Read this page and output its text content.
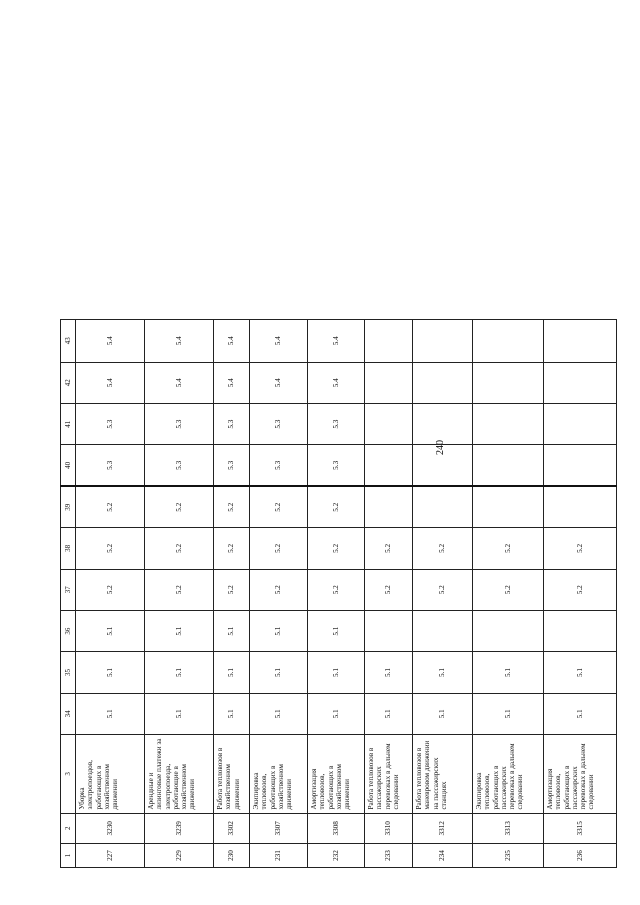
240
1	2	3	34	35	36	37	38	39	40	41	42	43
227	3230	Уборка электропоездов, работающих в хозяйственном движении	5.1	5.1	5.1	5.2	5.2	5.2	5.3	5.3	5.4	5.4
229	3239	Арендные и лизинговые платежи за электропоезда, работающие в хозяйственном движении	5.1	5.1	5.1	5.2	5.2	5.2	5.3	5.3	5.4	5.4
230	3302	Работа тепловозов в хозяйственном движении	5.1	5.1	5.1	5.2	5.2	5.2	5.3	5.3	5.4	5.4
231	3307	Экипировка тепловозов, работающих в хозяйственном движении	5.1	5.1	5.1	5.2	5.2	5.2	5.3	5.3	5.4	5.4
232	3308	Амортизация тепловозов, работающих в хозяйственном движении	5.1	5.1	5.1	5.2	5.2	5.2	5.3	5.3	5.4	5.4
233	3310	Работа тепловозов в пассажирских перевозках в дальнем следовании	5.1	5.1		5.2	5.2					
234	3312	Работа тепловозов в маневровом движении на пассажирских станциях	5.1	5.1		5.2	5.2					
235	3313	Экипировка тепловозов, работающих в пассажирских перевозках в дальнем следовании	5.1	5.1		5.2	5.2					
236	3315	Амортизация тепловозов, работающих в пассажирских перевозках в дальнем следовании	5.1	5.1		5.2	5.2					
